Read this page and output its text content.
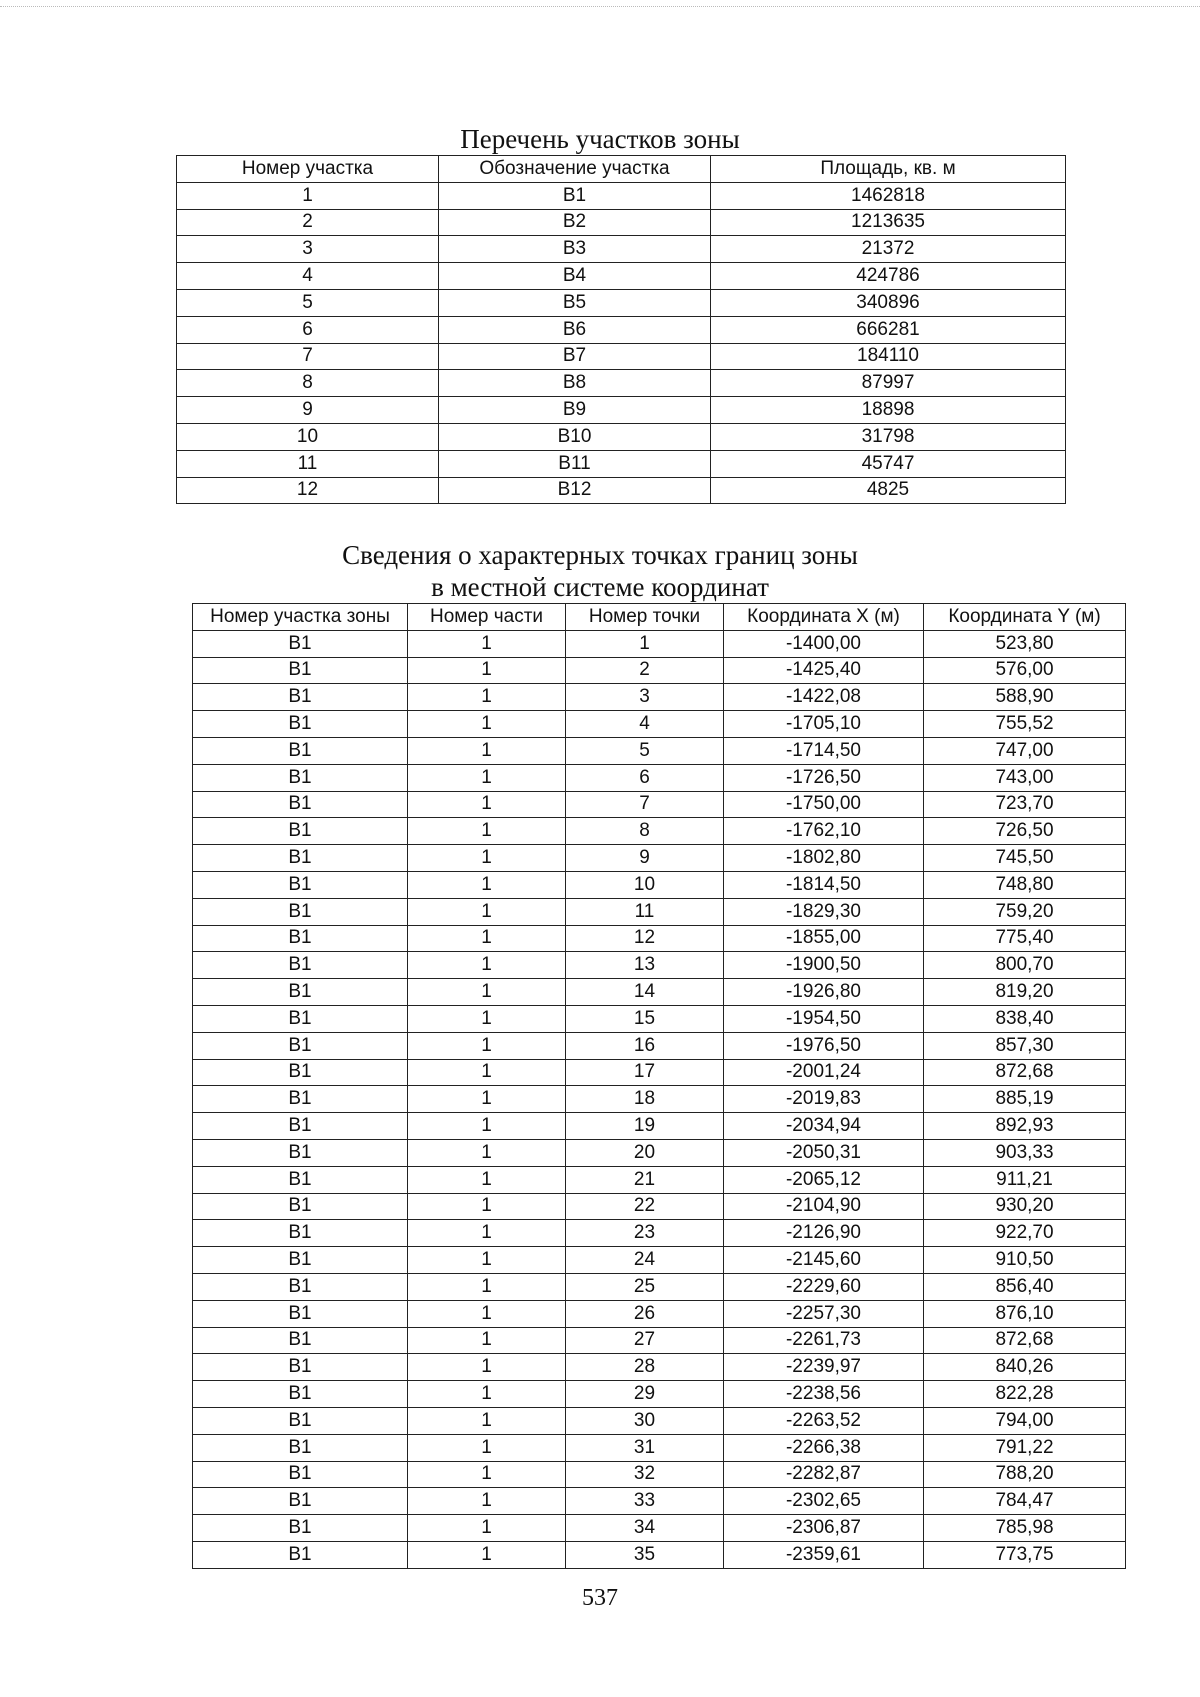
Перечень участков зоны
Номер участка	Обозначение участка	Площадь, кв. м
1	В1	1462818
2	В2	1213635
3	В3	21372
4	В4	424786
5	В5	340896
6	В6	666281
7	В7	184110
8	В8	87997
9	В9	18898
10	В10	31798
11	В11	45747
12	В12	4825
Сведения о характерных точках границ зоны
в местной системе координат
Номер участка зоны	Номер части	Номер точки	Координата X (м)	Координата Y (м)
В1	1	1	-1400,00	523,80
В1	1	2	-1425,40	576,00
В1	1	3	-1422,08	588,90
В1	1	4	-1705,10	755,52
В1	1	5	-1714,50	747,00
В1	1	6	-1726,50	743,00
В1	1	7	-1750,00	723,70
В1	1	8	-1762,10	726,50
В1	1	9	-1802,80	745,50
В1	1	10	-1814,50	748,80
В1	1	11	-1829,30	759,20
В1	1	12	-1855,00	775,40
В1	1	13	-1900,50	800,70
В1	1	14	-1926,80	819,20
В1	1	15	-1954,50	838,40
В1	1	16	-1976,50	857,30
В1	1	17	-2001,24	872,68
В1	1	18	-2019,83	885,19
В1	1	19	-2034,94	892,93
В1	1	20	-2050,31	903,33
В1	1	21	-2065,12	911,21
В1	1	22	-2104,90	930,20
В1	1	23	-2126,90	922,70
В1	1	24	-2145,60	910,50
В1	1	25	-2229,60	856,40
В1	1	26	-2257,30	876,10
В1	1	27	-2261,73	872,68
В1	1	28	-2239,97	840,26
В1	1	29	-2238,56	822,28
В1	1	30	-2263,52	794,00
В1	1	31	-2266,38	791,22
В1	1	32	-2282,87	788,20
В1	1	33	-2302,65	784,47
В1	1	34	-2306,87	785,98
В1	1	35	-2359,61	773,75
537
